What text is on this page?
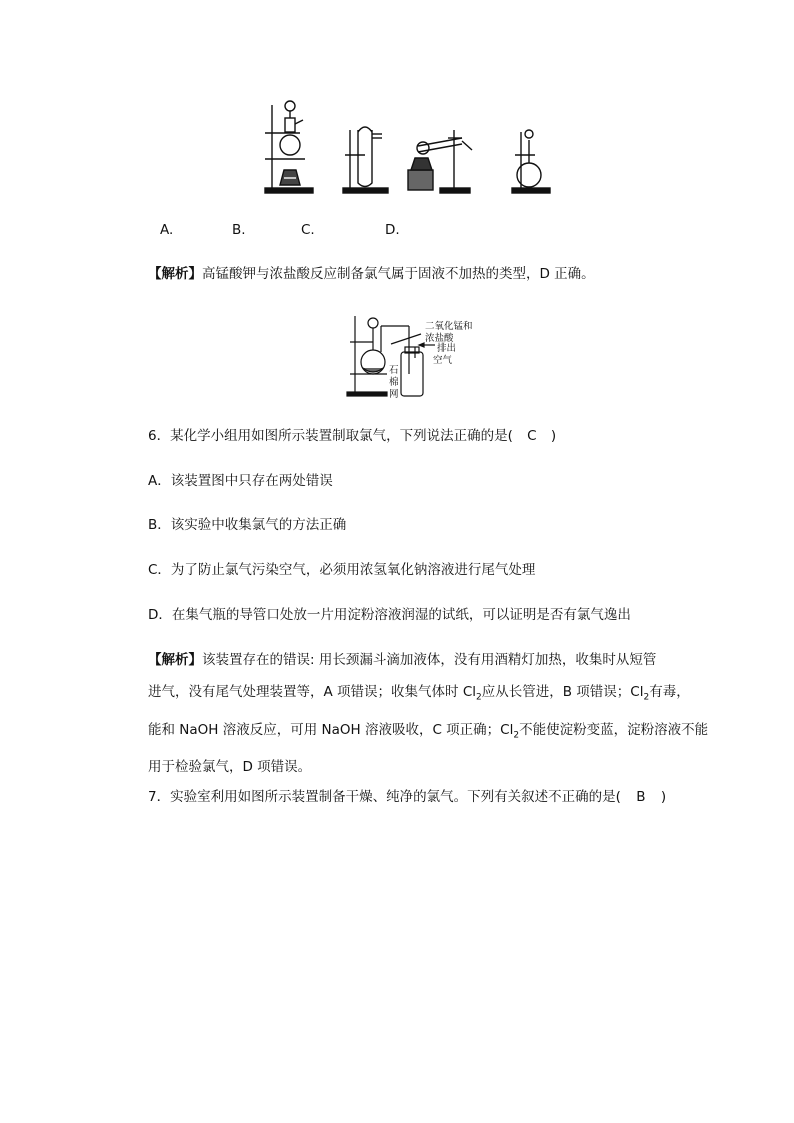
A.	B.	C.	D.
【解析】高锰酸钾与浓盐酸反应制备氯气属于固液不加热的类型，D 正确。
二氧化锰和
浓盐酸
排出
空气
石
棉
网
6．某化学小组用如图所示装置制取氯气，下列说法正确的是( C )
A．该装置图中只存在两处错误
B．该实验中收集氯气的方法正确
C．为了防止氯气污染空气，必须用浓氢氧化钠溶液进行尾气处理
D．在集气瓶的导管口处放一片用淀粉溶液润湿的试纸，可以证明是否有氯气逸出
【解析】该装置存在的错误: 用长颈漏斗滴加液体，没有用酒精灯加热，收集时从短管
进气，没有尾气处理装置等，A 项错误；收集气体时 $Cl_2$应从长管进，B 项错误；$Cl_2$有毒，
能和 NaOH 溶液反应，可用 NaOH 溶液吸收，C 项正确；$Cl_2$不能使淀粉变蓝，淀粉溶液不能
用于检验氯气，D 项错误。
7．实验室利用如图所示装置制备干燥、纯净的氯气。下列有关叙述不正确的是( B )
